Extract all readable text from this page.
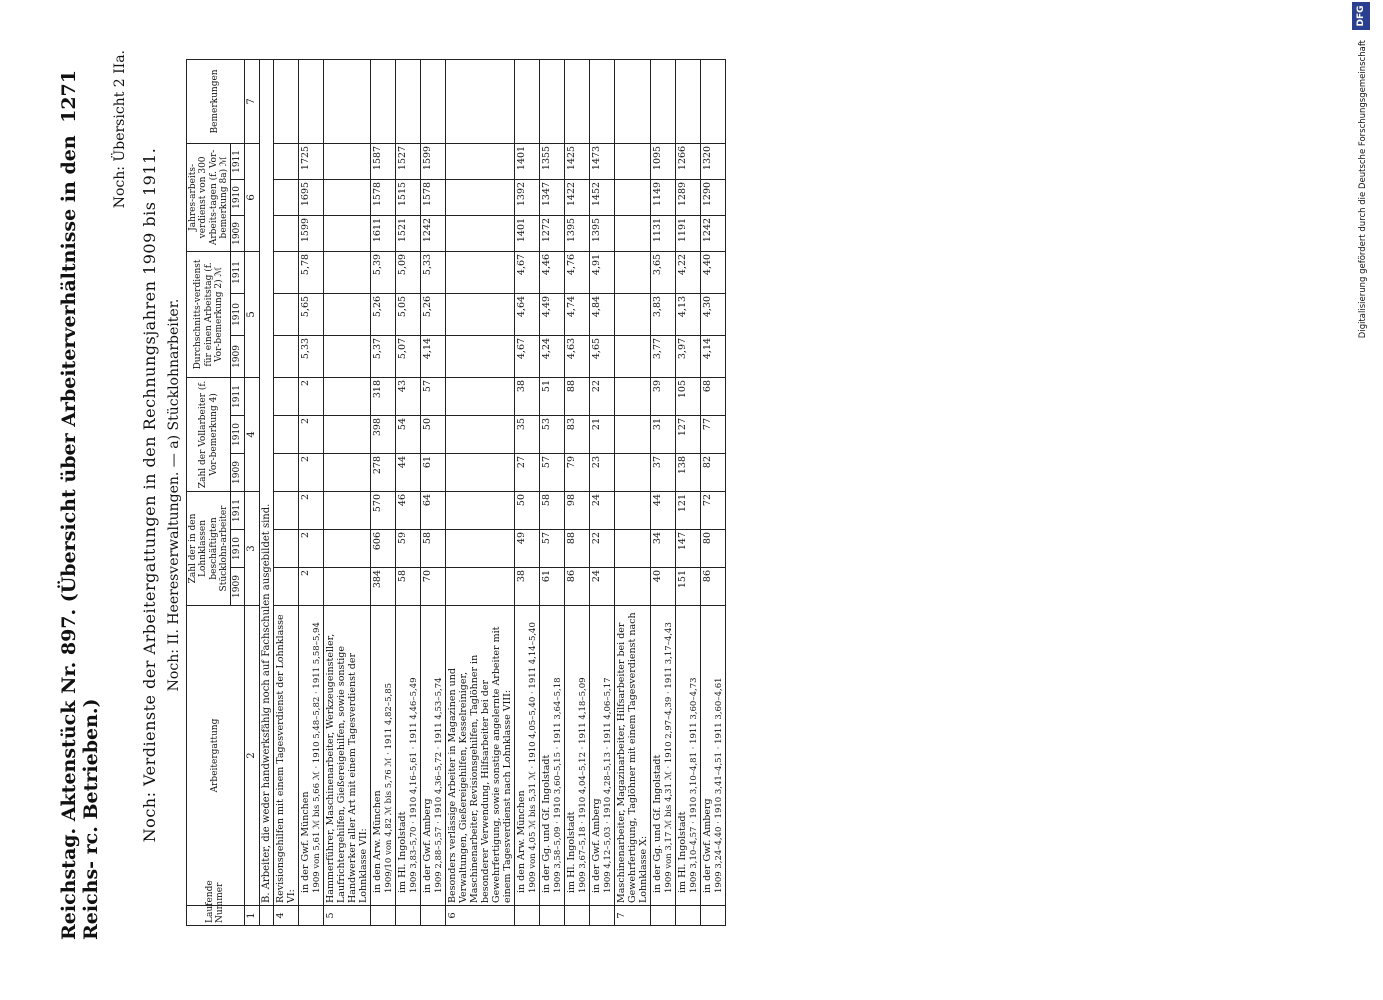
Reichstag. Aktenstück Nr. 897. (Übersicht über Arbeiterverhältnisse in den Reichs- rc. Betrieben.)
1271	Noch: Übersicht 2 IIa.
Noch: Verdienste der Arbeitergattungen in den Rechnungsjahren 1909 bis 1911. Noch: II. Heeresverwaltungen. — a) Stücklohnarbeiter.
Laufende Nummer	Arbeitergattung	Zahl der in den Lohnklassen beschäftigten Stücklohn-arbeiter			Zahl der Vollarbeiter (f. Vor-bemerkung 4)			Durchschnitts-verdienst für einen Arbeitstag (f. Vor-bemerkung 2) ℳ			Jahres-arbeits-verdienst von 300 Arbeits-tagen (f. Vor-bemerkung 8a) ℳ			Bemerkungen
		1909	1910	1911	1909	1910	1911	1909	1910	1911	1909	1910	1911	
1	2	3			4			5			6			7
	B. Arbeiter, die weder handwerksfähig noch auf Fachschulen ausgebildet sind.													
4	Revisionsgehilfen mit einem Tagesverdienst der Lohnklasse VI:													
	in der Gwf. München
1909 von 5,61 ℳ bis 5,66 ℳ · 1910 5,48–5,82 · 1911 5,58–5,94	2	2	2	2	2	2	5,33	5,65	5,78	1599	1695	1725	
5	Hammerführer, Maschinenarbeiter, Werkzeugeinsteller, Laufrichtergehilfen, Gießereigehilfen, sowie sonstige Handwerker aller Art mit einem Tagesverdienst der Lohnklasse VII:													
	in den Arw. München
1909/10 von 4,82 ℳ bis 5,76 ℳ · 1911 4,82–5,85	384	606	570	278	398	318	5,37	5,26	5,39	1611	1578	1587	
	im Hl. Ingolstadt
1909 3,83–5,70 · 1910 4,16–5,61 · 1911 4,46–5,49	58	59	46	44	54	43	5,07	5,05	5,09	1521	1515	1527	
	in der Gwf. Amberg
1909 2,88–5,57 · 1910 4,36–5,72 · 1911 4,53–5,74	70	58	64	61	50	57	4,14	5,26	5,33	1242	1578	1599	
6	Besonders verlässige Arbeiter in Magazinen und Verwaltungen, Gießereigehilfen, Kesselreiniger, Maschinenarbeiter, Revisionsgehilfen, Taglöhner in besonderer Verwendung, Hilfsarbeiter bei der Gewehrfertigung, sowie sonstige angelernte Arbeiter mit einem Tagesverdienst nach Lohnklasse VIII:													
	in den Arw. München
1909 von 4,05 ℳ bis 5,31 ℳ · 1910 4,05–5,40 · 1911 4,14–5,40	38	49	50	27	35	38	4,67	4,64	4,67	1401	1392	1401	
	in der Gg. und Gf. Ingolstadt
1909 3,58–5,09 · 1910 3,60–5,15 · 1911 3,64–5,18	61	57	58	57	53	51	4,24	4,49	4,46	1272	1347	1355	
	im Hl. Ingolstadt
1909 3,67–5,18 · 1910 4,04–5,12 · 1911 4,18–5,09	86	88	98	79	83	88	4,63	4,74	4,76	1395	1422	1425	
	in der Gwf. Amberg
1909 4,12–5,03 · 1910 4,28–5,13 · 1911 4,06–5,17	24	22	24	23	21	22	4,65	4,84	4,91	1395	1452	1473	
7	Maschinenarbeiter, Magazinarbeiter, Hilfsarbeiter bei der Gewehrfertigung, Taglöhner mit einem Tagesverdienst nach Lohnklasse X:													
	in der Gg. und Gf. Ingolstadt
1909 von 3,17 ℳ bis 4,31 ℳ · 1910 2,97–4,39 · 1911 3,17–4,43	40	34	44	37	31	39	3,77	3,83	3,65	1131	1149	1095	
	im Hl. Ingolstadt
1909 3,10–4,57 · 1910 3,10–4,81 · 1911 3,60–4,73	151	147	121	138	127	105	3,97	4,13	4,22	1191	1289	1266	
	in der Gwf. Amberg
1909 3,24–4,40 · 1910 3,41–4,51 · 1911 3,60–4,61	86	80	72	82	77	68	4,14	4,30	4,40	1242	1290	1320		Digitalisierung gefördert durch die Deutsche Forschungsgemeinschaft
DFG
